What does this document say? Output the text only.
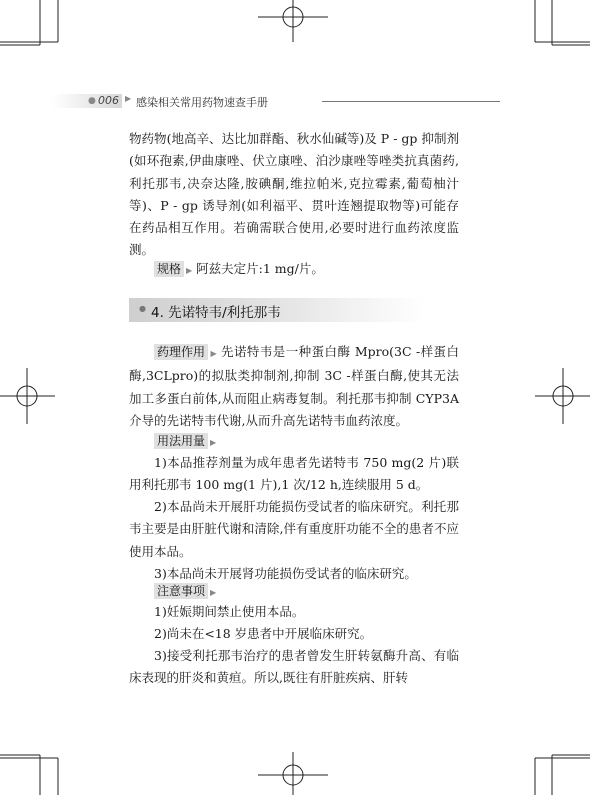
● 006 ▶ 感染相关常用药物速查手册

物药物(地高辛、达比加群酯、秋水仙碱等)及 P - gp 抑制剂(如环孢素,伊曲康唑、伏立康唑、泊沙康唑等唑类抗真菌药,利托那韦,决奈达隆,胺碘酮,维拉帕米,克拉霉素,葡萄柚汁等)、P - gp 诱导剂(如利福平、贯叶连翘提取物等)可能存在药品相互作用。若确需联合使用,必要时进行血药浓度监测。

规格 ▶ 阿兹夫定片:1 mg/片。

● 4. 先诺特韦/利托那韦

药理作用 ▶ 先诺特韦是一种蛋白酶 Mpro(3C -样蛋白酶,3CLpro)的拟肽类抑制剂,抑制 3C -样蛋白酶,使其无法加工多蛋白前体,从而阻止病毒复制。利托那韦抑制 CYP3A 介导的先诺特韦代谢,从而升高先诺特韦血药浓度。

用法用量 ▶

1)本品推荐剂量为成年患者先诺特韦 750 mg(2 片)联用利托那韦 100 mg(1 片),1 次/12 h,连续服用 5 d。

2)本品尚未开展肝功能损伤受试者的临床研究。利托那韦主要是由肝脏代谢和清除,伴有重度肝功能不全的患者不应使用本品。

3)本品尚未开展肾功能损伤受试者的临床研究。

注意事项 ▶

1)妊娠期间禁止使用本品。

2)尚未在<18 岁患者中开展临床研究。

3)接受利托那韦治疗的患者曾发生肝转氨酶升高、有临床表现的肝炎和黄疸。所以,既往有肝脏疾病、肝转
